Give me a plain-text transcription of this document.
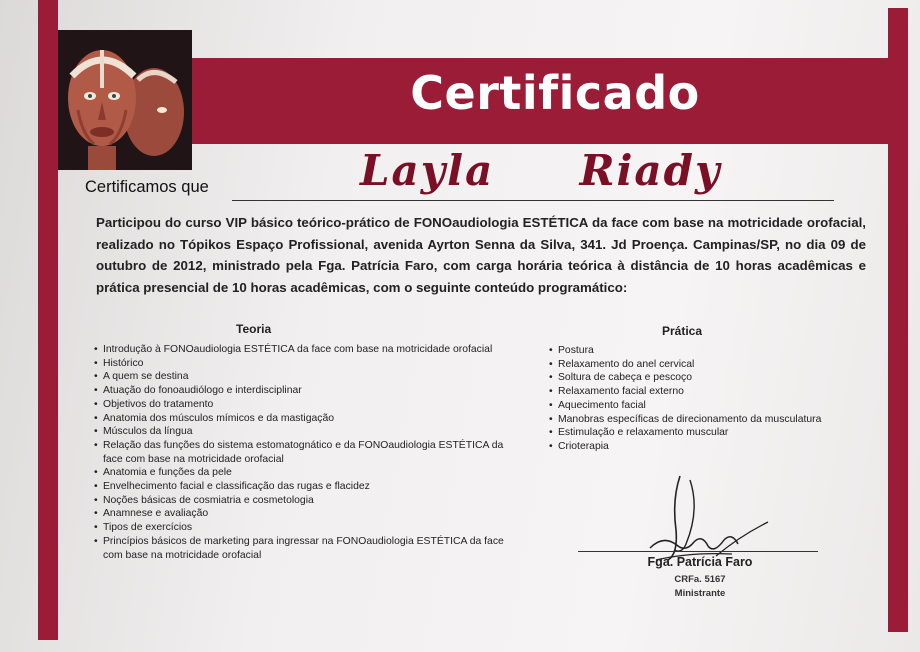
Certificado
Certificamos que	Layla  Riady
Participou do curso VIP básico teórico-prático de FONOaudiologia ESTÉTICA da face com base na motricidade orofacial, realizado no Tópikos Espaço Profissional, avenida Ayrton Senna da Silva, 341. Jd Proença. Campinas/SP, no dia 09 de outubro de 2012, ministrado pela Fga. Patrícia Faro, com carga horária teórica à distância de 10 horas acadêmicas e prática presencial de 10 horas acadêmicas, com o seguinte conteúdo programático:
Teoria
• Introdução à FONOaudiologia ESTÉTICA da face com base na motricidade orofacial
• Histórico
• A quem se destina
• Atuação do fonoaudiólogo e interdisciplinar
• Objetivos do tratamento
• Anatomia dos músculos mímicos e da mastigação
• Músculos da língua
• Relação das funções do sistema estomatognático e da FONOaudiologia ESTÉTICA da face com base na motricidade orofacial
• Anatomia e funções da pele
• Envelhecimento facial e classificação das rugas e flacidez
• Noções básicas de cosmiatria e cosmetologia
• Anamnese e avaliação
• Tipos de exercícios
• Princípios básicos de marketing para ingressar na FONOaudiologia ESTÉTICA da face com base na motricidade orofacial
Prática
• Postura
• Relaxamento do anel cervical
• Soltura de cabeça e pescoço
• Relaxamento facial externo
• Aquecimento facial
• Manobras específicas de direcionamento da musculatura
• Estimulação e relaxamento muscular
• Crioterapia
Fga. Patrícia Faro
CRFa. 5167
Ministrante
